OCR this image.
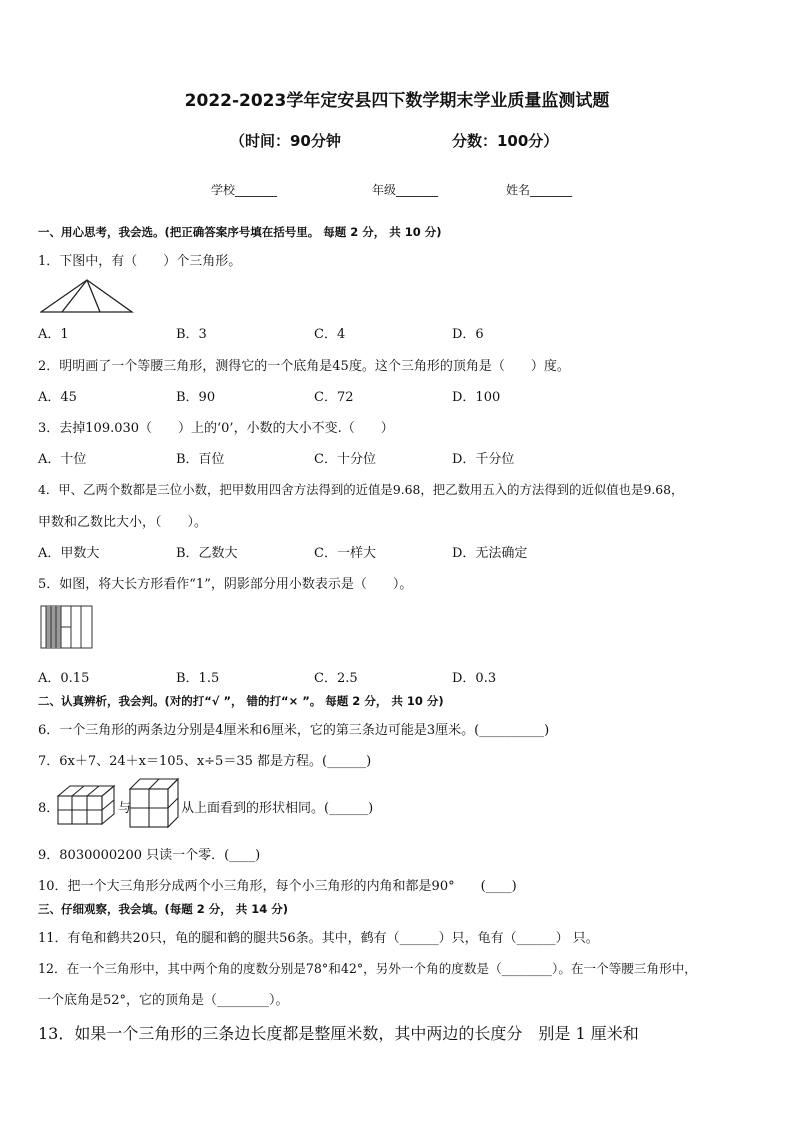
2022-2023学年定安县四下数学期末学业质量监测试题
（时间：90分钟	分数：100分）
学校_______	年级_______	姓名_______
一、用心思考，我会选。(把正确答案序号填在括号里。 每题 2 分， 共 10 分)
1．下图中，有（　　）个三角形。
A．1	B．3	C．4	D．6
2．明明画了一个等腰三角形，测得它的一个底角是45度。这个三角形的顶角是（　　）度。
A．45	B．90	C．72	D．100
3．去掉109.030（　　）上的‘0’，小数的大小不变.（　　）
A．十位	B．百位	C．十分位	D．千分位
4．甲、乙两个数都是三位小数，把甲数用四舍方法得到的近值是9.68，把乙数用五入的方法得到的近似值也是9.68，
甲数和乙数比大小，（　　）。
A．甲数大	B．乙数大	C．一样大	D．无法确定
5．如图，将大长方形看作“1”，阴影部分用小数表示是（　　）。
A．0.15	B．1.5	C．2.5	D．0.3
二、认真辨析，我会判。(对的打“√ ”， 错的打“× ”。 每题 2 分， 共 10 分)
6．一个三角形的两条边分别是4厘米和6厘米，它的第三条边可能是3厘米。(__________)
7．6x＋7、24＋x＝105、x÷5＝35 都是方程。(______)
8．	与	从上面看到的形状相同。(______)
9．8030000200 只读一个零．(____)
10．把一个大三角形分成两个小三角形，每个小三角形的内角和都是90°　　(____)
三、仔细观察，我会填。(每题 2 分， 共 14 分)
11．有龟和鹤共20只，龟的腿和鹤的腿共56条。其中，鹤有（______）只，龟有（______） 只。
12．在一个三角形中，其中两个角的度数分别是78°和42°，另外一个角的度数是（________）。在一个等腰三角形中，
一个底角是52°，它的顶角是（________）。
13．如果一个三角形的三条边长度都是整厘米数，其中两边的长度分　别是 1 厘米和
